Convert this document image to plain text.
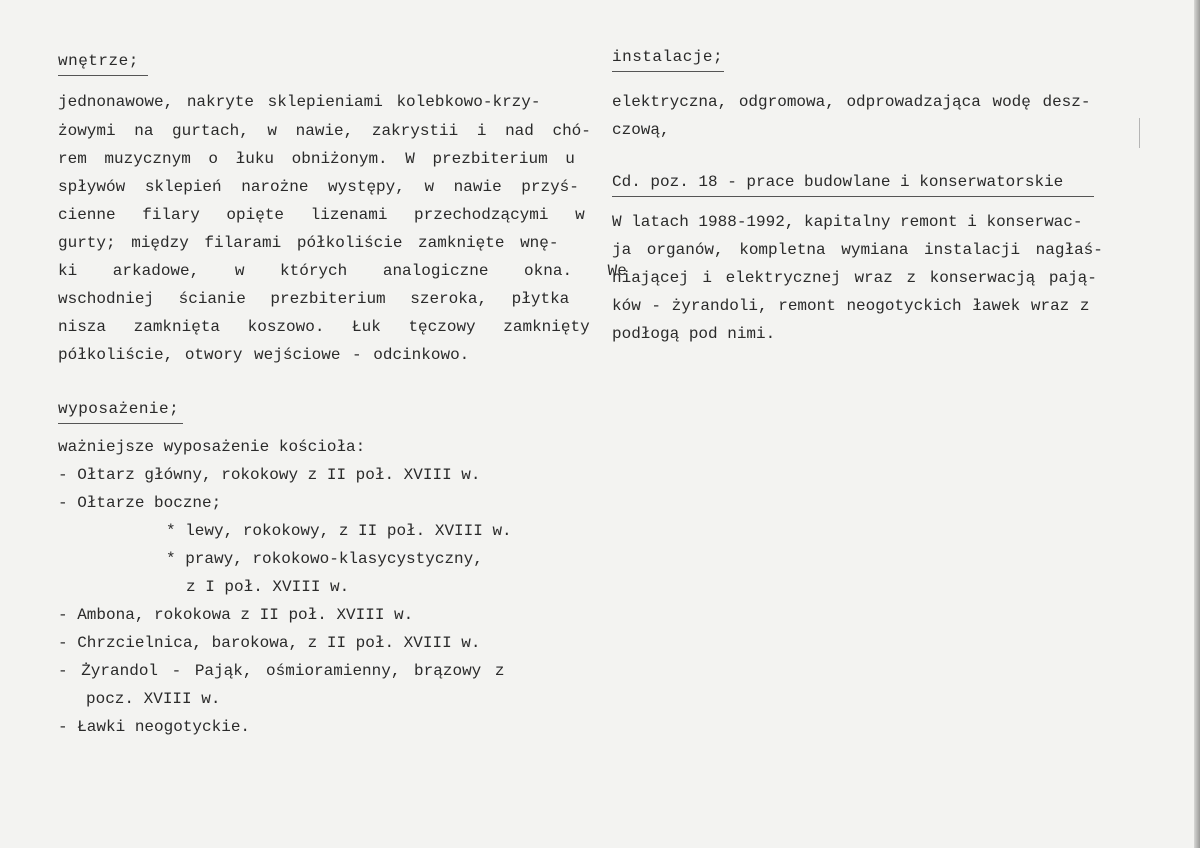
wnętrze;
jednonawowe, nakryte sklepieniami kolebkowo-krzy-
żowymi na gurtach, w nawie, zakrystii i nad chó-
rem muzycznym o łuku obniżonym. W prezbiterium u
spływów sklepień narożne występy, w nawie przyś-
cienne filary opięte lizenami przechodzącymi w
gurty; między filarami półkoliście zamknięte wnę-
ki arkadowe, w których analogiczne okna. We
wschodniej ścianie prezbiterium szeroka, płytka
nisza zamknięta koszowo. Łuk tęczowy zamknięty
półkoliście, otwory wejściowe - odcinkowo.
wyposażenie;
ważniejsze wyposażenie kościoła:
- Ołtarz główny, rokokowy z II poł. XVIII w.
- Ołtarze boczne;
* lewy, rokokowy, z II poł. XVIII w.
* prawy, rokokowo-klasycystyczny,
z I poł. XVIII w.
- Ambona, rokokowa z II poł. XVIII w.
- Chrzcielnica, barokowa, z II poł. XVIII w.
- Żyrandol - Pająk, ośmioramienny, brązowy z
pocz. XVIII w.
- Ławki neogotyckie.
instalacje;
elektryczna, odgromowa, odprowadzająca wodę desz-
czową,
Cd. poz. 18 - prace budowlane i konserwatorskie
W latach 1988-1992, kapitalny remont i konserwac-
ja organów, kompletna wymiana instalacji nagłaś-
niającej i elektrycznej wraz z konserwacją pają-
ków - żyrandoli, remont neogotyckich ławek wraz z
podłogą pod nimi.
